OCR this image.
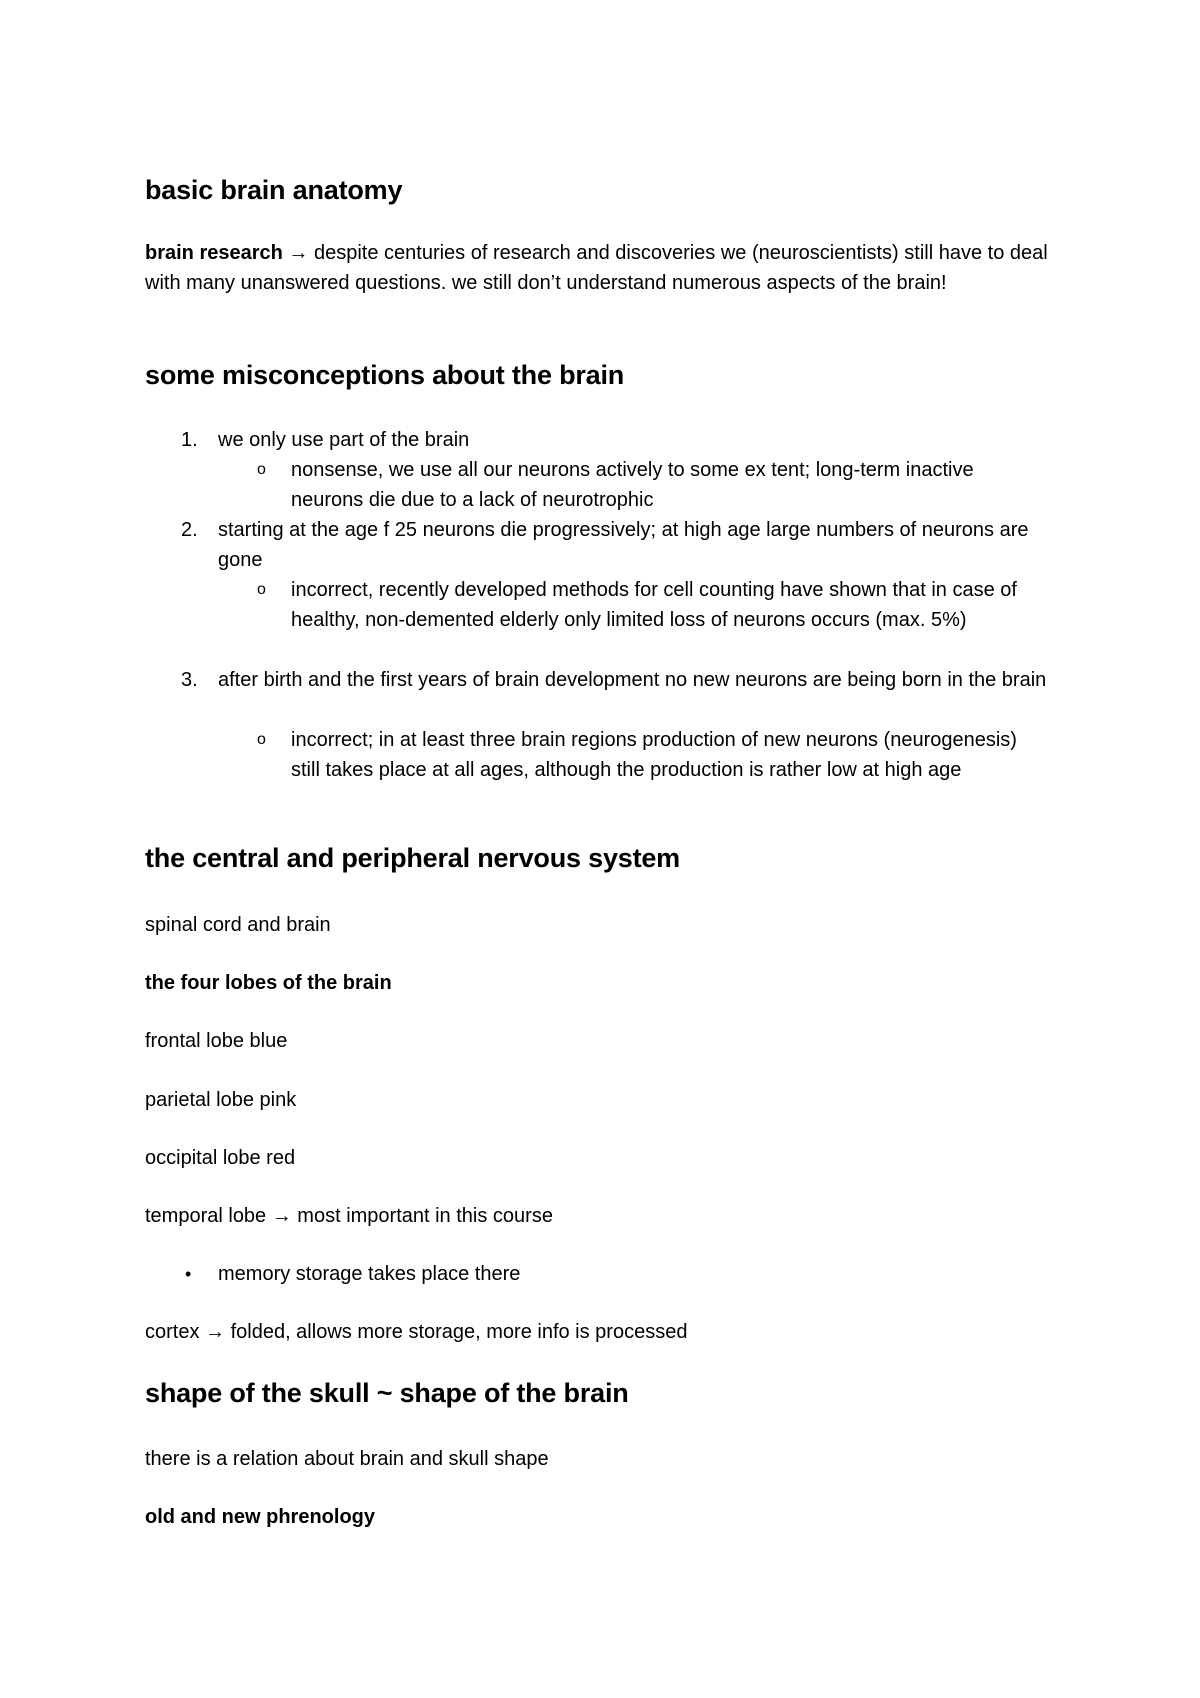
basic brain anatomy
brain research → despite centuries of research and discoveries we (neuroscientists) still have to deal with many unanswered questions. we still don’t understand numerous aspects of the brain!
some misconceptions about the brain
1. we only use part of the brain
o nonsense, we use all our neurons actively to some ex tent; long-term inactive neurons die due to a lack of neurotrophic
2. starting at the age f 25 neurons die progressively; at high age large numbers of neurons are gone
o incorrect, recently developed methods for cell counting have shown that in case of healthy, non-demented elderly only limited loss of neurons occurs (max. 5%)
3. after birth and the first years of brain development no new neurons are being born in the brain
o incorrect; in at least three brain regions production of new neurons (neurogenesis) still takes place at all ages, although the production is rather low at high age
the central and peripheral nervous system
spinal cord and brain
the four lobes of the brain
frontal lobe blue
parietal lobe pink
occipital lobe red
temporal lobe → most important in this course
• memory storage takes place there
cortex → folded, allows more storage, more info is processed
shape of the skull ~ shape of the brain
there is a relation about brain and skull shape
old and new phrenology
